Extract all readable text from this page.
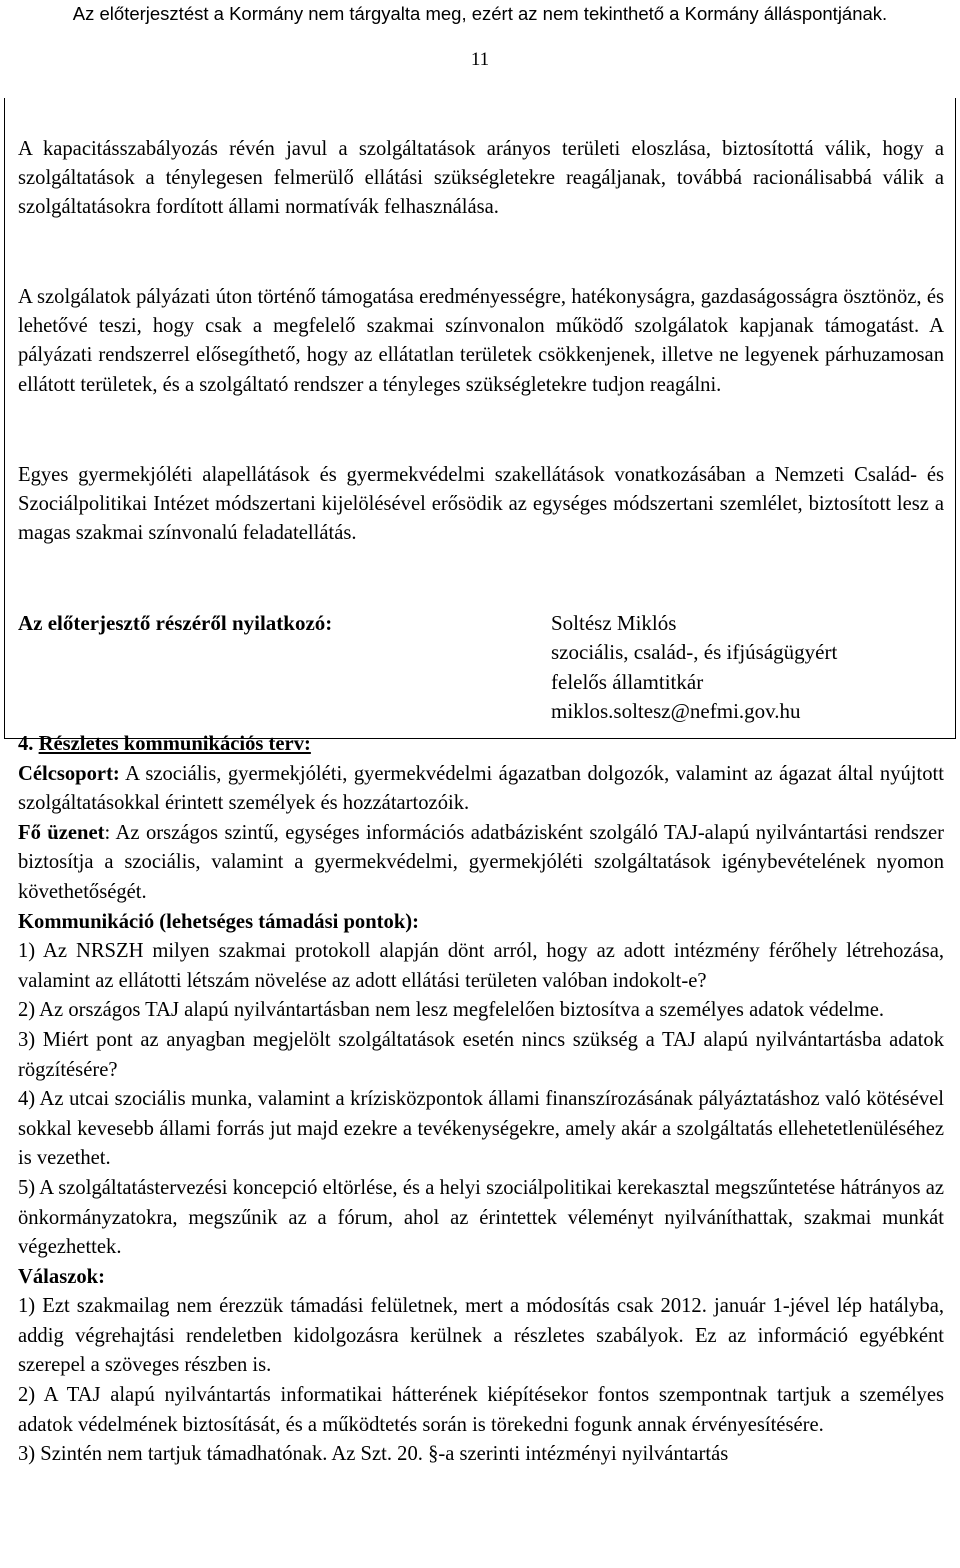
Az előterjesztést a Kormány nem tárgyalta meg, ezért az nem tekinthető a Kormány álláspontjának.
11

A kapacitásszabályozás révén javul a szolgáltatások arányos területi eloszlása, biztosítottá válik, hogy a szolgáltatások a ténylegesen felmerülő ellátási szükségletekre reagáljanak, továbbá racionálisabbá válik a szolgáltatásokra fordított állami normatívák felhasználása.

A szolgálatok pályázati úton történő támogatása eredményességre, hatékonyságra, gazdaságosságra ösztönöz, és lehetővé teszi, hogy csak a megfelelő szakmai színvonalon működő szolgálatok kapjanak támogatást. A pályázati rendszerrel elősegíthető, hogy az ellátatlan területek csökkenjenek, illetve ne legyenek párhuzamosan ellátott területek, és a szolgáltató rendszer a tényleges szükségletekre tudjon reagálni.

Egyes gyermekjóléti alapellátások és gyermekvédelmi szakellátások vonatkozásában a Nemzeti Család- és Szociálpolitikai Intézet módszertani kijelölésével erősödik az egységes módszertani szemlélet, biztosított lesz a magas szakmai színvonalú feladatellátás.

Az előterjesztő részéről nyilatkozó:	Soltész Miklós
szociális, család-, és ifjúságügyért
felelős államtitkár
miklos.soltesz@nefmi.gov.hu
4. Részletes kommunikációs terv:
Célcsoport: A szociális, gyermekjóléti, gyermekvédelmi ágazatban dolgozók, valamint az ágazat által nyújtott szolgáltatásokkal érintett személyek és hozzátartozóik.
Fő üzenet: Az országos szintű, egységes információs adatbázisként szolgáló TAJ-alapú nyilvántartási rendszer biztosítja a szociális, valamint a gyermekvédelmi, gyermekjóléti szolgáltatások igénybevételének nyomon követhetőségét.
Kommunikáció (lehetséges támadási pontok):
1) Az NRSZH milyen szakmai protokoll alapján dönt arról, hogy az adott intézmény férőhely létrehozása, valamint az ellátotti létszám növelése az adott ellátási területen valóban indokolt-e?
2) Az országos TAJ alapú nyilvántartásban nem lesz megfelelően biztosítva a személyes adatok védelme.
3) Miért pont az anyagban megjelölt szolgáltatások esetén nincs szükség a TAJ alapú nyilvántartásba adatok rögzítésére?
4) Az utcai szociális munka, valamint a krízisközpontok állami finanszírozásának pályáztatáshoz való kötésével sokkal kevesebb állami forrás jut majd ezekre a tevékenységekre, amely akár a szolgáltatás ellehetetlenüléséhez is vezethet.
5) A szolgáltatástervezési koncepció eltörlése, és a helyi szociálpolitikai kerekasztal megszűntetése hátrányos az önkormányzatokra, megszűnik az a fórum, ahol az érintettek véleményt nyilváníthattak, szakmai munkát végezhettek.
Válaszok:
1) Ezt szakmailag nem érezzük támadási felületnek, mert a módosítás csak 2012. január 1-jével lép hatályba, addig végrehajtási rendeletben kidolgozásra kerülnek a részletes szabályok. Ez az információ egyébként szerepel a szöveges részben is.
2) A TAJ alapú nyilvántartás informatikai hátterének kiépítésekor fontos szempontnak tartjuk a személyes adatok védelmének biztosítását, és a működtetés során is törekedni fogunk annak érvényesítésére.
3) Szintén nem tartjuk támadhatónak. Az Szt. 20. §-a szerinti intézményi nyilvántartás
